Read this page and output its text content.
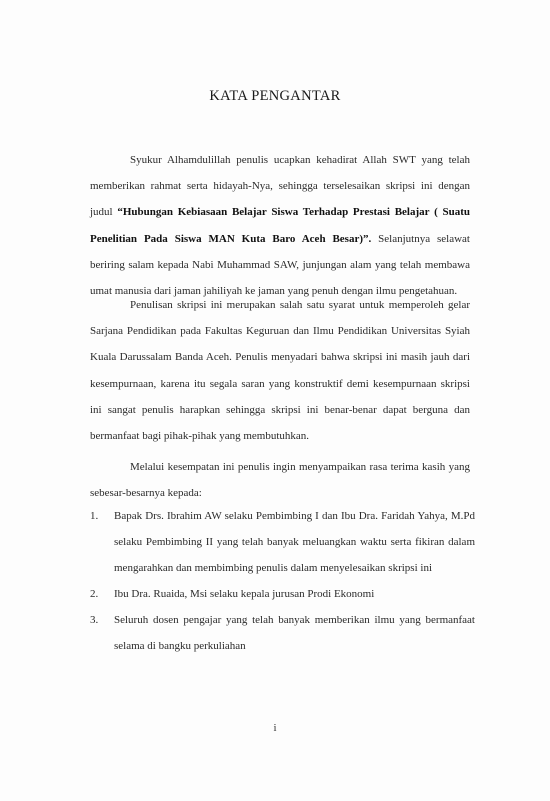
KATA PENGANTAR

Syukur Alhamdulillah penulis ucapkan kehadirat Allah SWT yang telah memberikan rahmat serta hidayah-Nya, sehingga terselesaikan skripsi ini dengan judul “Hubungan Kebiasaan Belajar Siswa Terhadap Prestasi Belajar ( Suatu Penelitian Pada Siswa MAN Kuta Baro Aceh Besar)”. Selanjutnya selawat beriring salam kepada Nabi Muhammad SAW, junjungan alam yang telah membawa umat manusia dari jaman jahiliyah ke jaman yang penuh dengan ilmu pengetahuan.

Penulisan skripsi ini merupakan salah satu syarat untuk memperoleh gelar Sarjana Pendidikan pada Fakultas Keguruan dan Ilmu Pendidikan Universitas Syiah Kuala Darussalam Banda Aceh. Penulis menyadari bahwa skripsi ini masih jauh dari kesempurnaan, karena itu segala saran yang konstruktif demi kesempurnaan skripsi ini sangat penulis harapkan sehingga skripsi ini benar-benar dapat berguna dan bermanfaat bagi pihak-pihak yang membutuhkan.

Melalui kesempatan ini penulis ingin menyampaikan rasa terima kasih yang sebesar-besarnya kepada:

1. Bapak Drs. Ibrahim AW selaku Pembimbing I dan Ibu Dra. Faridah Yahya, M.Pd selaku Pembimbing II yang telah banyak meluangkan waktu serta fikiran dalam mengarahkan dan membimbing penulis dalam menyelesaikan skripsi ini
2. Ibu Dra. Ruaida, Msi selaku kepala jurusan Prodi Ekonomi
3. Seluruh dosen pengajar yang telah banyak memberikan ilmu yang bermanfaat selama di bangku perkuliahan
i
